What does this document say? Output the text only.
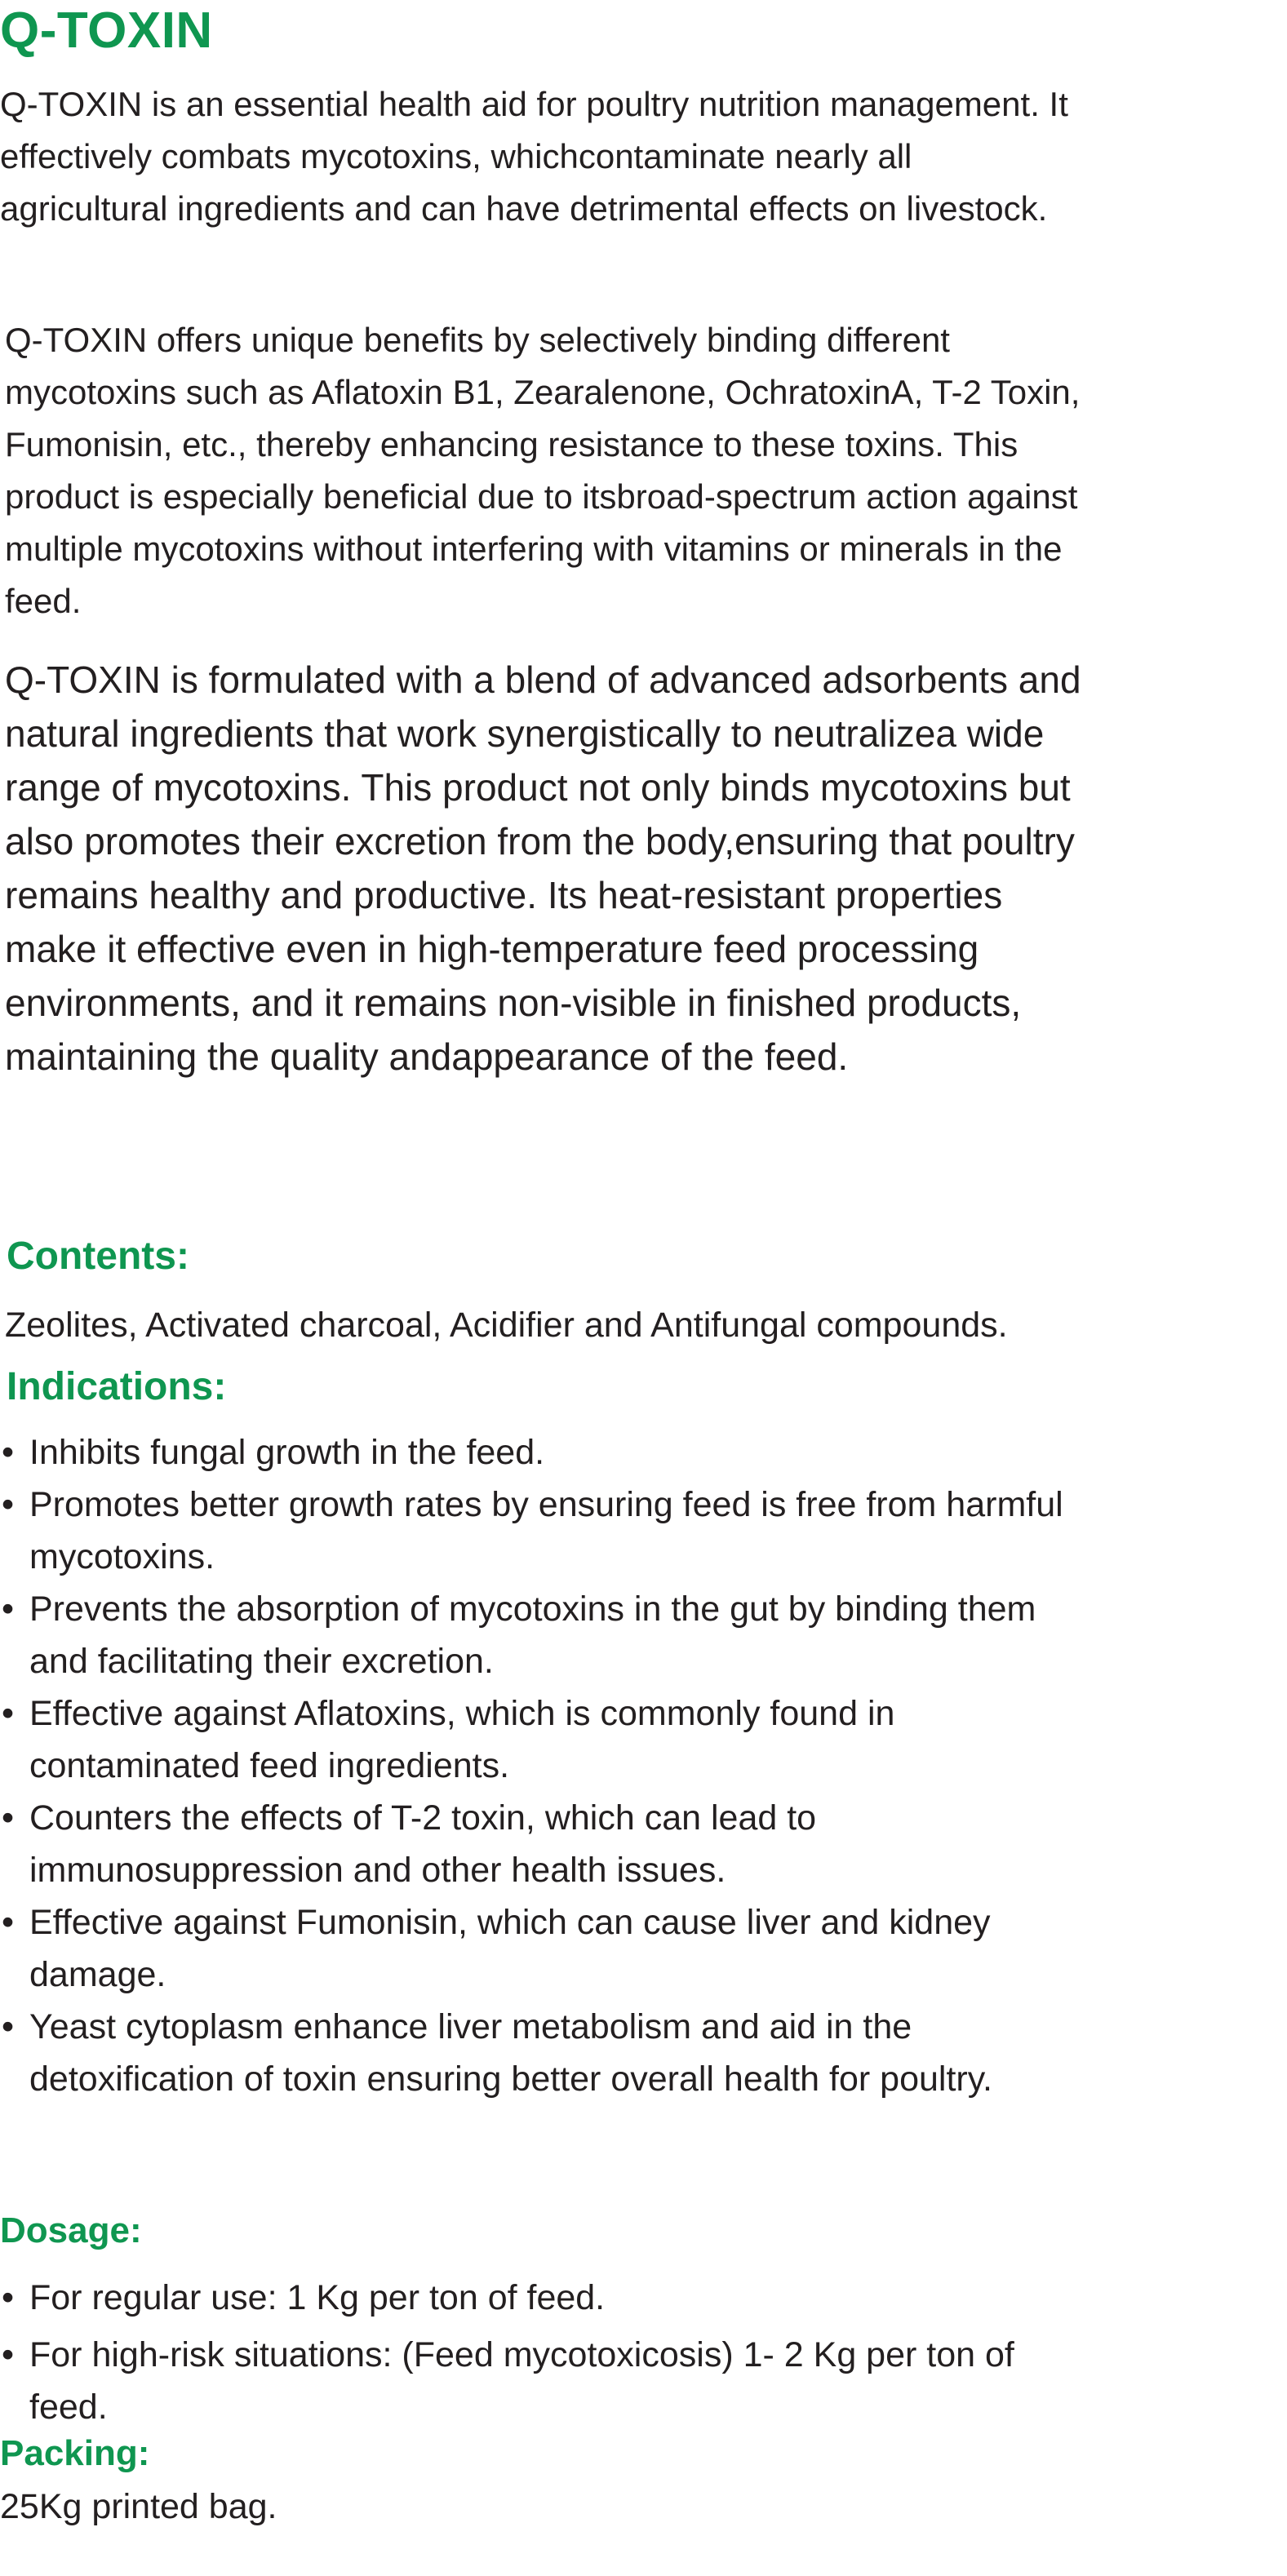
Q-TOXIN

Q-TOXIN is an essential health aid for poultry nutrition management. It effectively combats mycotoxins, whichcontaminate nearly all agricultural ingredients and can have detrimental effects on livestock.

Q-TOXIN offers unique benefits by selectively binding different mycotoxins such as Aflatoxin B1, Zearalenone, OchratoxinA, T-2 Toxin, Fumonisin, etc., thereby enhancing resistance to these toxins. This product is especially beneficial due to itsbroad-spectrum action against multiple mycotoxins without interfering with vitamins or minerals in the feed.

Q-TOXIN is formulated with a blend of advanced adsorbents and natural ingredients that work synergistically to neutralizea wide range of mycotoxins. This product not only binds mycotoxins but also promotes their excretion from the body,ensuring that poultry remains healthy and productive. Its heat-resistant properties make it effective even in high-temperature feed processing environments, and it remains non-visible in finished products, maintaining the quality andappearance of the feed.

Contents:

Zeolites, Activated charcoal, Acidifier and Antifungal compounds.

Indications:
• Inhibits fungal growth in the feed.
• Promotes better growth rates by ensuring feed is free from harmful mycotoxins.
• Prevents the absorption of mycotoxins in the gut by binding them and facilitating their excretion.
• Effective against Aflatoxins, which is commonly found in contaminated feed ingredients.
• Counters the effects of T-2 toxin, which can lead to immunosuppression and other health issues.
• Effective against Fumonisin, which can cause liver and kidney damage.
• Yeast cytoplasm enhance liver metabolism and aid in the detoxification of toxin ensuring better overall health for poultry.
Dosage:
• For regular use: 1 Kg per ton of feed.
• For high-risk situations: (Feed mycotoxicosis) 1- 2 Kg per ton of feed.
Packing:

25Kg printed bag.
